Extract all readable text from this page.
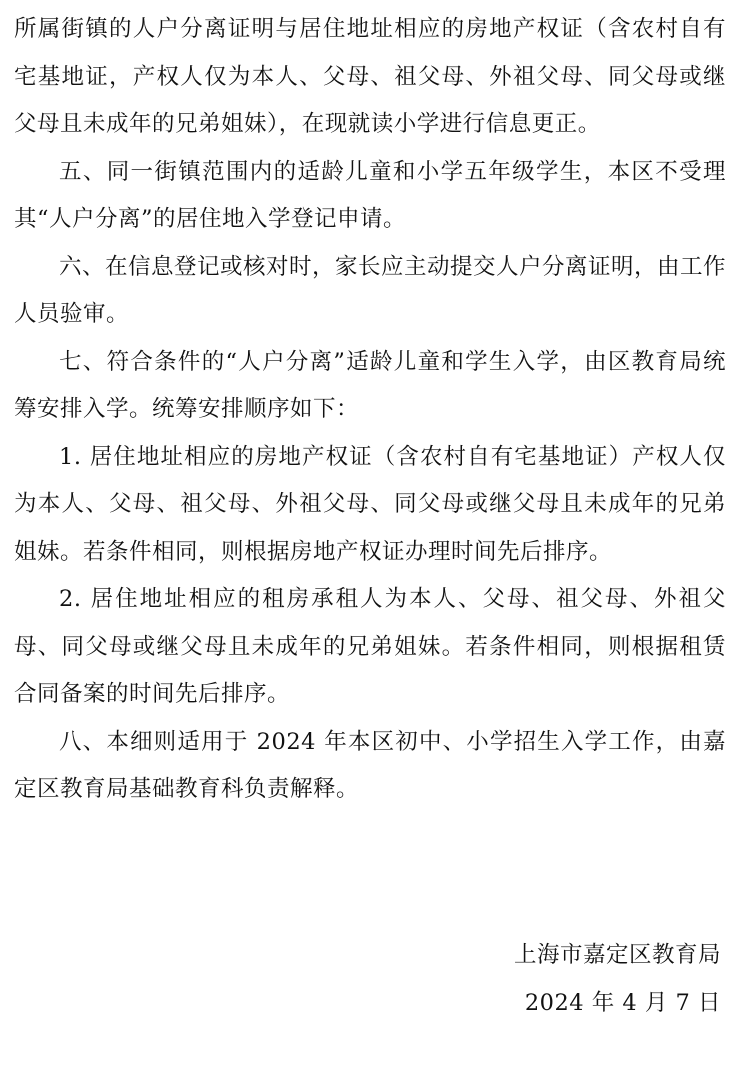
所属街镇的人户分离证明与居住地址相应的房地产权证（含农村自有宅基地证，产权人仅为本人、父母、祖父母、外祖父母、同父母或继父母且未成年的兄弟姐妹），在现就读小学进行信息更正。

五、同一街镇范围内的适龄儿童和小学五年级学生，本区不受理其“人户分离”的居住地入学登记申请。

六、在信息登记或核对时，家长应主动提交人户分离证明，由工作人员验审。

七、符合条件的“人户分离”适龄儿童和学生入学，由区教育局统筹安排入学。统筹安排顺序如下：

1. 居住地址相应的房地产权证（含农村自有宅基地证）产权人仅为本人、父母、祖父母、外祖父母、同父母或继父母且未成年的兄弟姐妹。若条件相同，则根据房地产权证办理时间先后排序。

2. 居住地址相应的租房承租人为本人、父母、祖父母、外祖父母、同父母或继父母且未成年的兄弟姐妹。若条件相同，则根据租赁合同备案的时间先后排序。

八、本细则适用于 2024 年本区初中、小学招生入学工作，由嘉定区教育局基础教育科负责解释。

上海市嘉定区教育局
2024 年 4 月 7 日
